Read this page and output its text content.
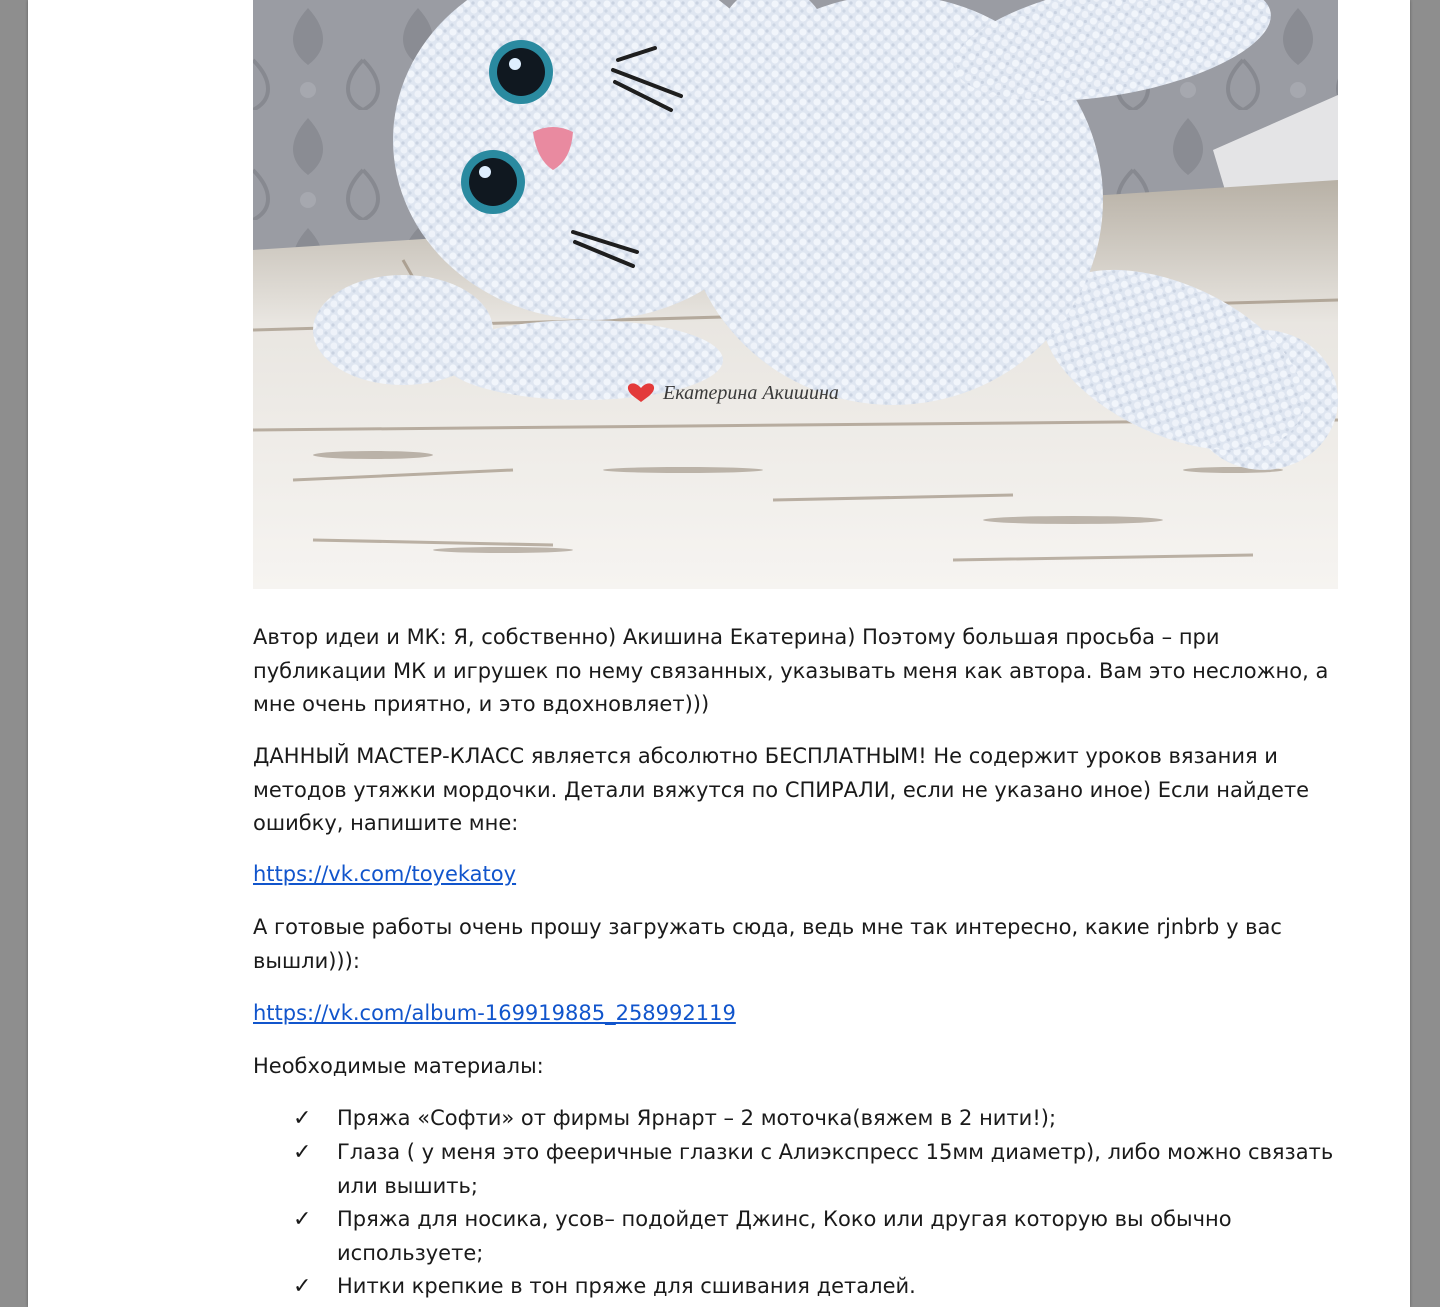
Екатерина Акишина

Автор идеи и МК: Я, собственно) Акишина Екатерина) Поэтому большая просьба – при публикации МК и игрушек по нему связанных, указывать меня как автора. Вам это несложно, а мне очень приятно, и это вдохновляет)))

ДАННЫЙ МАСТЕР-КЛАСС является абсолютно БЕСПЛАТНЫМ! Не содержит уроков вязания и методов утяжки мордочки. Детали вяжутся по СПИРАЛИ, если не указано иное) Если найдете ошибку, напишите мне:

https://vk.com/toyekatoy

А готовые работы очень прошу загружать сюда, ведь мне так интересно, какие rjnbrb у вас вышли))):

https://vk.com/album-169919885_258992119

Необходимые материалы:

✓ Пряжа «Софти» от фирмы Ярнарт – 2 моточка(вяжем в 2 нити!);
✓ Глаза ( у меня это фееричные глазки с Алиэкспресс 15мм диаметр), либо можно связать или вышить;
✓ Пряжа для носика, усов– подойдет Джинс, Коко или другая которую вы обычно используете;
✓ Нитки крепкие в тон пряже для сшивания деталей.
